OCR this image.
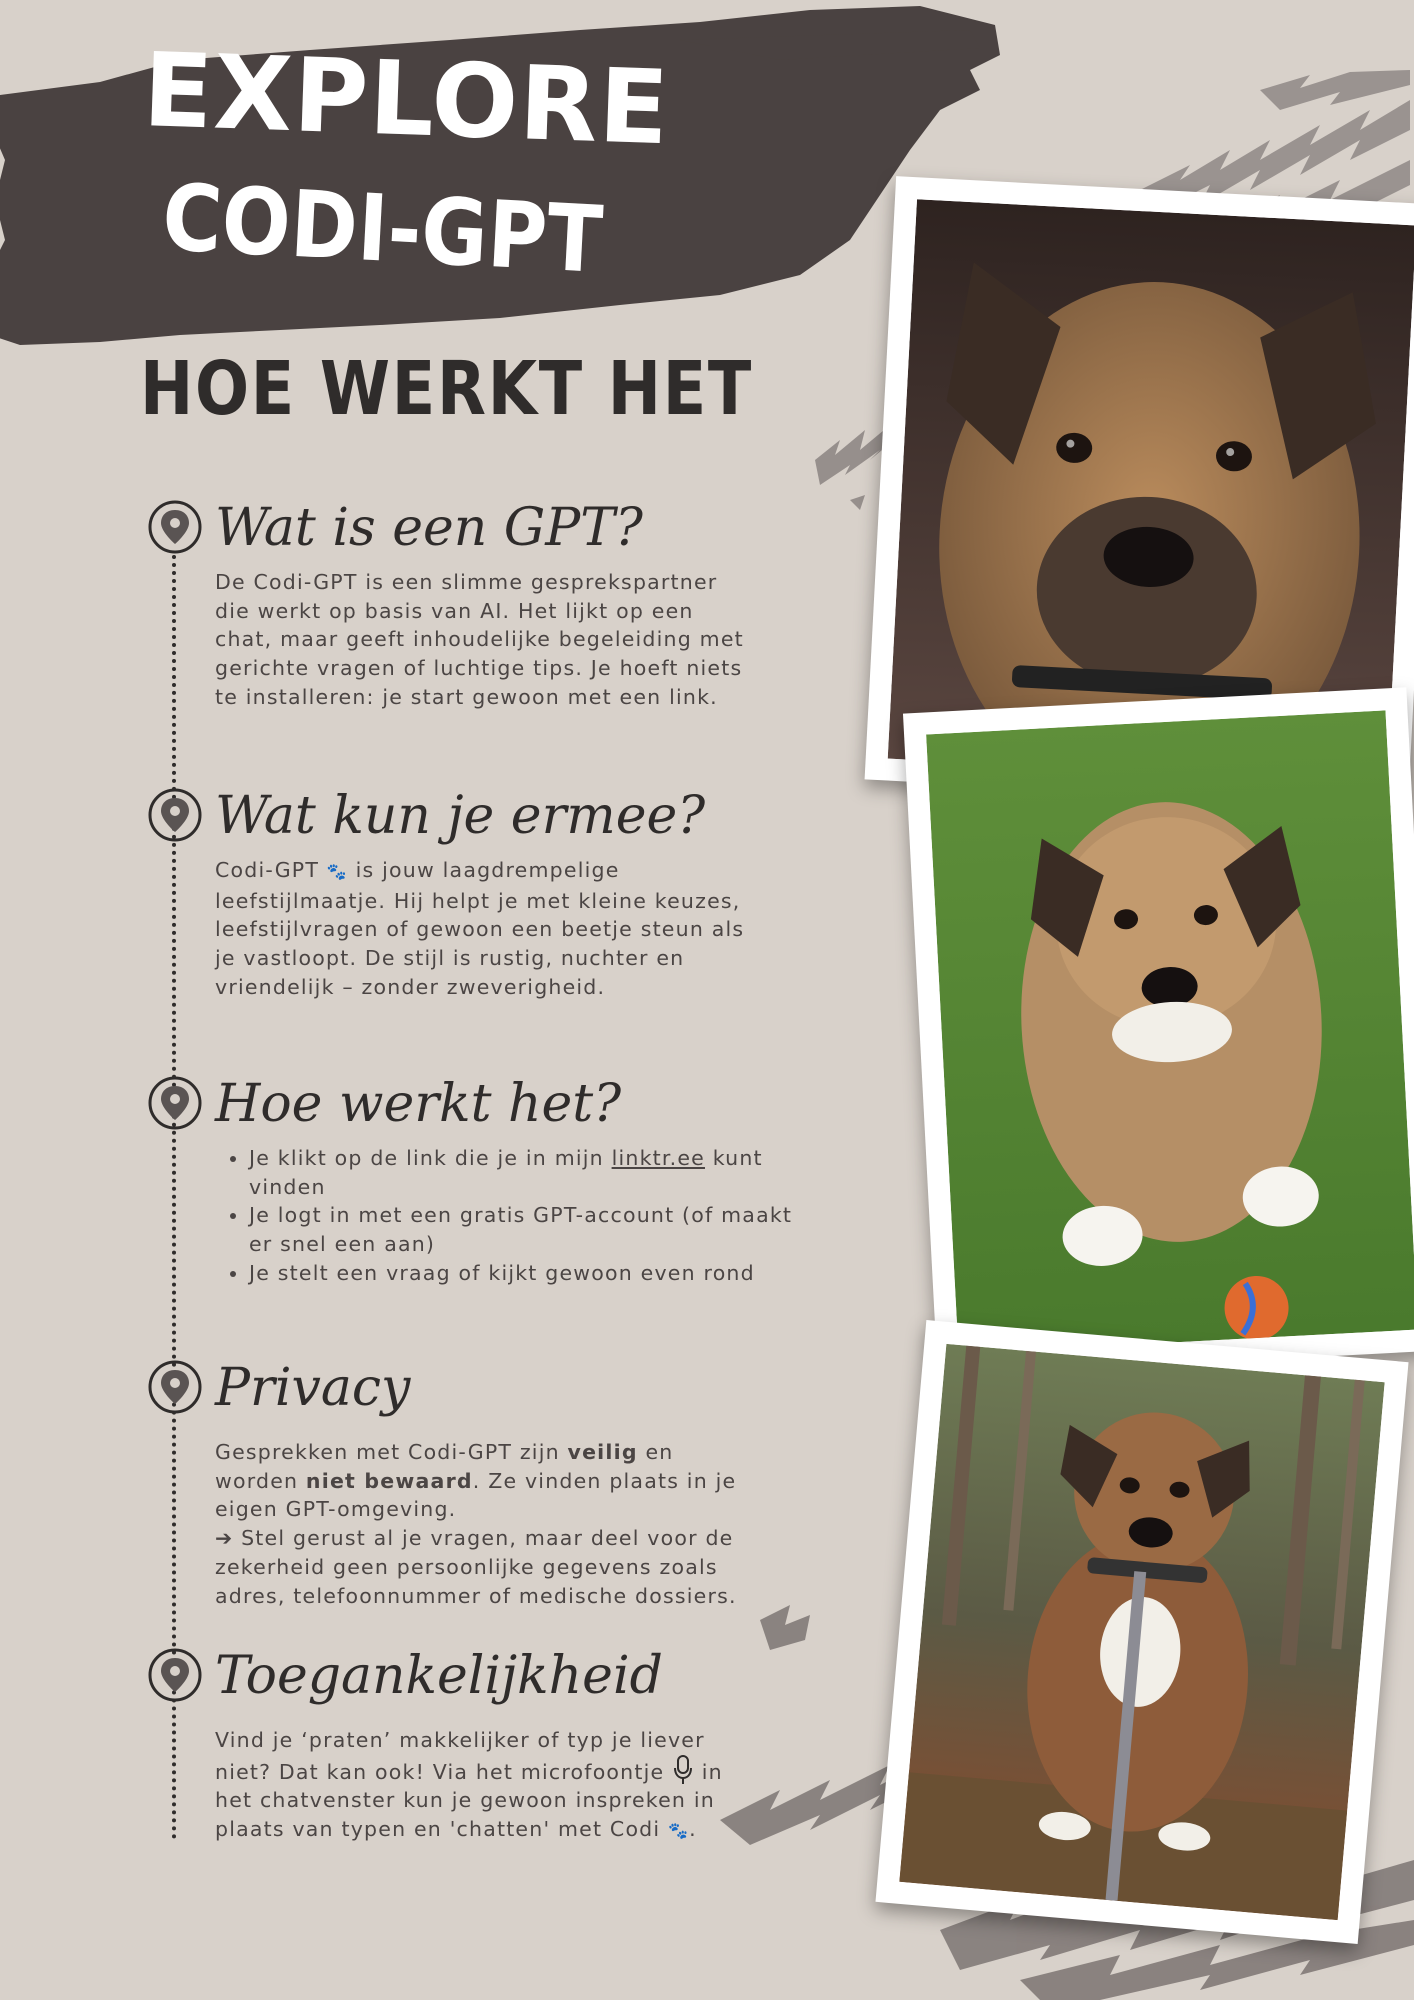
EXPLORE
CODI-GPT
HOE WERKT HET
Wat is een GPT?

De Codi-GPT is een slimme gesprekspartner die werkt op basis van AI. Het lijkt op een chat, maar geeft inhoudelijke begeleiding met gerichte vragen of luchtige tips. Je hoeft niets te installeren: je start gewoon met een link.

Wat kun je ermee?

Codi-GPT 🐾 is jouw laagdrempelige leefstijlmaatje. Hij helpt je met kleine keuzes, leefstijlvragen of gewoon een beetje steun als je vastloopt. De stijl is rustig, nuchter en vriendelijk – zonder zweverigheid.

Hoe werkt het?
• Je klikt op de link die je in mijn linktr.ee kunt vinden
• Je logt in met een gratis GPT-account (of maakt er snel een aan)
• Je stelt een vraag of kijkt gewoon even rond
Privacy

Gesprekken met Codi-GPT zijn veilig en worden niet bewaard. Ze vinden plaats in je eigen GPT-omgeving.

➔ Stel gerust al je vragen, maar deel voor de zekerheid geen persoonlijke gegevens zoals adres, telefoonnummer of medische dossiers.

Toegankelijkheid

Vind je ‘praten’ makkelijker of typ je liever niet? Dat kan ook! Via het microfoontje  in het chatvenster kun je gewoon inspreken in plaats van typen en 'chatten' met Codi 🐾.
